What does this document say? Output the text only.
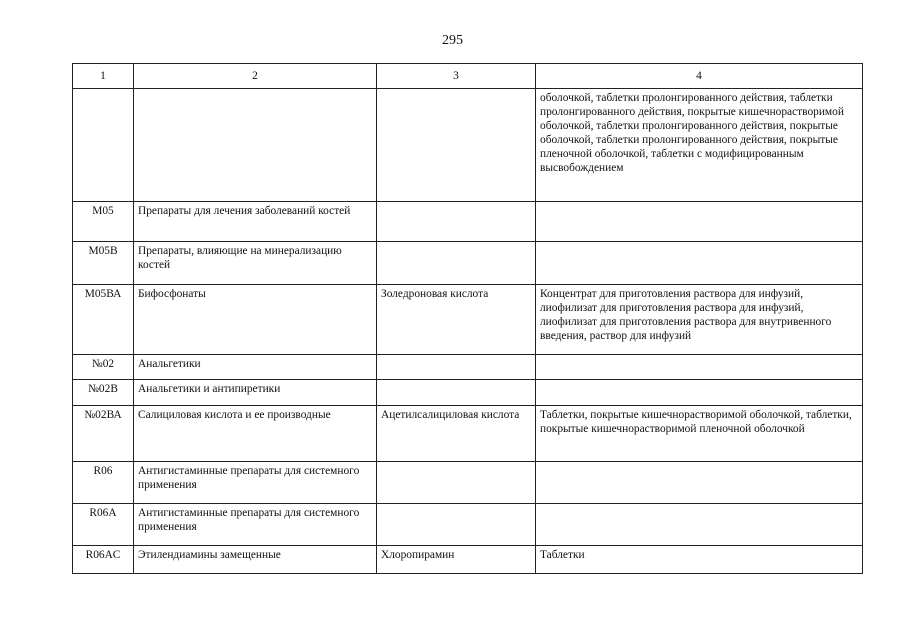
295
1	2	3	4
			оболочкой, таблетки пролонгированного действия, таблетки пролонгированного действия, покрытые кишечнорастворимой оболочкой, таблетки пролонгированного действия, покрытые оболочкой, таблетки пролонгированного действия, покрытые пленочной оболочкой, таблетки с модифицированным высвобождением
М05	Препараты для лечения заболеваний костей		
М05В	Препараты, влияющие на минерализацию костей		
М05ВА	Бифосфонаты	Золедроновая кислота	Концентрат для приготовления раствора для инфузий, лиофилизат для приготовления раствора для инфузий, лиофилизат для приготовления раствора для внутривенного введения, раствор для инфузий
№02	Анальгетики		
№02В	Анальгетики и антипиретики		
№02ВА	Салициловая кислота и ее производные	Ацетилсалициловая кислота	Таблетки, покрытые кишечнорастворимой оболочкой, таблетки, покрытые кишечнорастворимой пленочной оболочкой
R06	Антигистаминные препараты для системного применения		
R06A	Антигистаминные препараты для системного применения		
R06AC	Этилендиамины замещенные	Хлоропирамин	Таблетки
